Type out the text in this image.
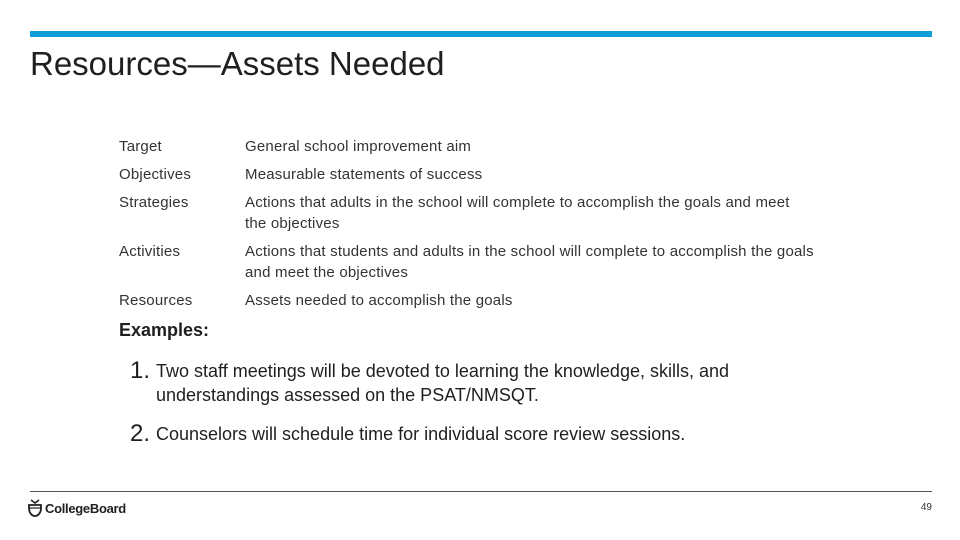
Resources—Assets Needed
Target	General school improvement aim
Objectives	Measurable statements of success
Strategies	Actions that adults in the school will complete to accomplish the goals and meet the objectives
Activities	Actions that students and adults in the school will complete to accomplish the goals and meet the objectives
Resources	Assets needed to accomplish the goals
Examples:
1. Two staff meetings will be devoted to learning the knowledge, skills, and understandings assessed on the PSAT/NMSQT.
2. Counselors will schedule time for individual score review sessions.
CollegeBoard	49
